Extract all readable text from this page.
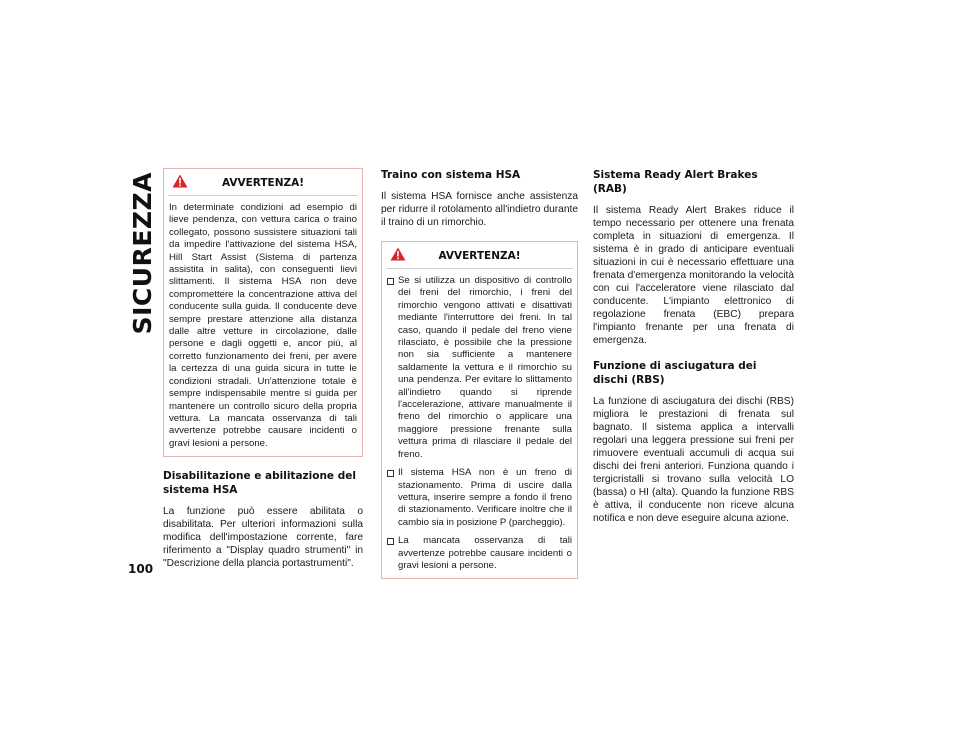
SICUREZZA
100
AVVERTENZA!
In determinate condizioni ad esempio di lieve pendenza, con vettura carica o traino collegato, possono sussistere situazioni tali da impedire l'attivazione del sistema HSA, Hill Start Assist (Sistema di partenza assistita in salita), con conseguenti lievi slittamenti. Il sistema HSA non deve compromettere la concentrazione attiva del conducente sulla guida. Il conducente deve sempre prestare attenzione alla distanza dalle altre vetture in circolazione, dalle persone e dagli oggetti e, ancor più, al corretto funzionamento dei freni, per avere la certezza di una guida sicura in tutte le condizioni stradali. Un'attenzione totale è sempre indispensabile mentre si guida per mantenere un controllo sicuro della propria vettura. La mancata osservanza di tali avvertenze potrebbe causare incidenti o gravi lesioni a persone.
Disabilitazione e abilitazione del sistema HSA

La funzione può essere abilitata o disabilitata. Per ulteriori informazioni sulla modifica dell'impostazione corrente, fare riferimento a "Display quadro strumenti" in "Descrizione della plancia portastrumenti".

Traino con sistema HSA

Il sistema HSA fornisce anche assistenza per ridurre il rotolamento all'indietro durante il traino di un rimorchio.

AVVERTENZA!
Se si utilizza un dispositivo di controllo dei freni del rimorchio, i freni del rimorchio vengono attivati e disattivati mediante l'interruttore dei freni. In tal caso, quando il pedale del freno viene rilasciato, è possibile che la pressione non sia sufficiente a mantenere saldamente la vettura e il rimorchio su una pendenza. Per evitare lo slittamento all'indietro quando si riprende l'accelerazione, attivare manualmente il freno del rimorchio o applicare una maggiore pressione frenante sulla vettura prima di rilasciare il pedale del freno.
Il sistema HSA non è un freno di stazionamento. Prima di uscire dalla vettura, inserire sempre a fondo il freno di stazionamento. Verificare inoltre che il cambio sia in posizione P (parcheggio).
La mancata osservanza di tali avvertenze potrebbe causare incidenti o gravi lesioni a persone.
Sistema Ready Alert Brakes (RAB)

Il sistema Ready Alert Brakes riduce il tempo necessario per ottenere una frenata completa in situazioni di emergenza. Il sistema è in grado di anticipare eventuali situazioni in cui è necessario effettuare una frenata d'emergenza monitorando la velocità con cui l'acceleratore viene rilasciato dal conducente. L'impianto elettronico di regolazione frenata (EBC) prepara l'impianto frenante per una frenata di emergenza.

Funzione di asciugatura dei dischi (RBS)

La funzione di asciugatura dei dischi (RBS) migliora le prestazioni di frenata sul bagnato. Il sistema applica a intervalli regolari una leggera pressione sui freni per rimuovere eventuali accumuli di acqua sui dischi dei freni anteriori. Funziona quando i tergicristalli si trovano sulla velocità LO (bassa) o HI (alta). Quando la funzione RBS è attiva, il conducente non riceve alcuna notifica e non deve eseguire alcuna azione.
